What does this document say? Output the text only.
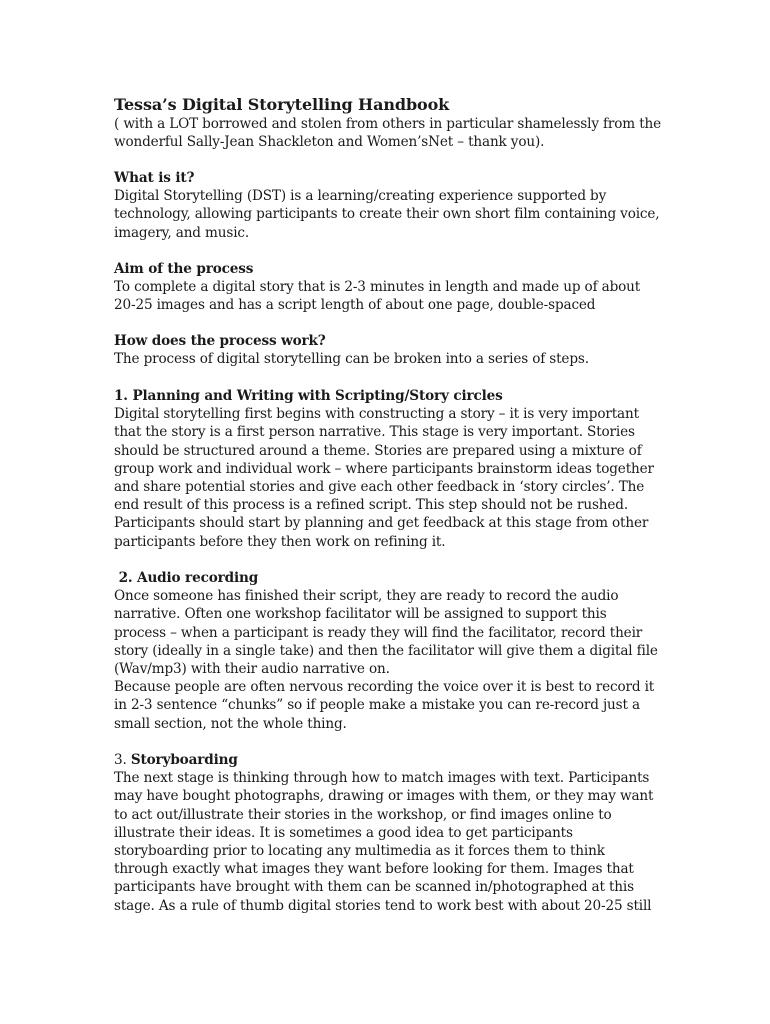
Tessa’s Digital Storytelling Handbook
( with a LOT borrowed and stolen from others in particular shamelessly from the
wonderful Sally-Jean Shackleton and Women’sNet – thank you).
What is it?
Digital Storytelling (DST) is a learning/creating experience supported by
technology, allowing participants to create their own short film containing voice,
imagery, and music.
Aim of the process
To complete a digital story that is 2-3 minutes in length and made up of about
20-25 images and has a script length of about one page, double-spaced
How does the process work?
The process of digital storytelling can be broken into a series of steps.
1. Planning and Writing with Scripting/Story circles
Digital storytelling first begins with constructing a story – it is very important
that the story is a first person narrative. This stage is very important. Stories
should be structured around a theme. Stories are prepared using a mixture of
group work and individual work – where participants brainstorm ideas together
and share potential stories and give each other feedback in ‘story circles’. The
end result of this process is a refined script. This step should not be rushed.
Participants should start by planning and get feedback at this stage from other
participants before they then work on refining it.
2. Audio recording
Once someone has finished their script, they are ready to record the audio
narrative. Often one workshop facilitator will be assigned to support this
process – when a participant is ready they will find the facilitator, record their
story (ideally in a single take) and then the facilitator will give them a digital file
(Wav/mp3) with their audio narrative on.
Because people are often nervous recording the voice over it is best to record it
in 2-3 sentence “chunks” so if people make a mistake you can re-record just a
small section, not the whole thing.
3. Storyboarding
The next stage is thinking through how to match images with text. Participants
may have bought photographs, drawing or images with them, or they may want
to act out/illustrate their stories in the workshop, or find images online to
illustrate their ideas. It is sometimes a good idea to get participants
storyboarding prior to locating any multimedia as it forces them to think
through exactly what images they want before looking for them. Images that
participants have brought with them can be scanned in/photographed at this
stage. As a rule of thumb digital stories tend to work best with about 20-25 still
